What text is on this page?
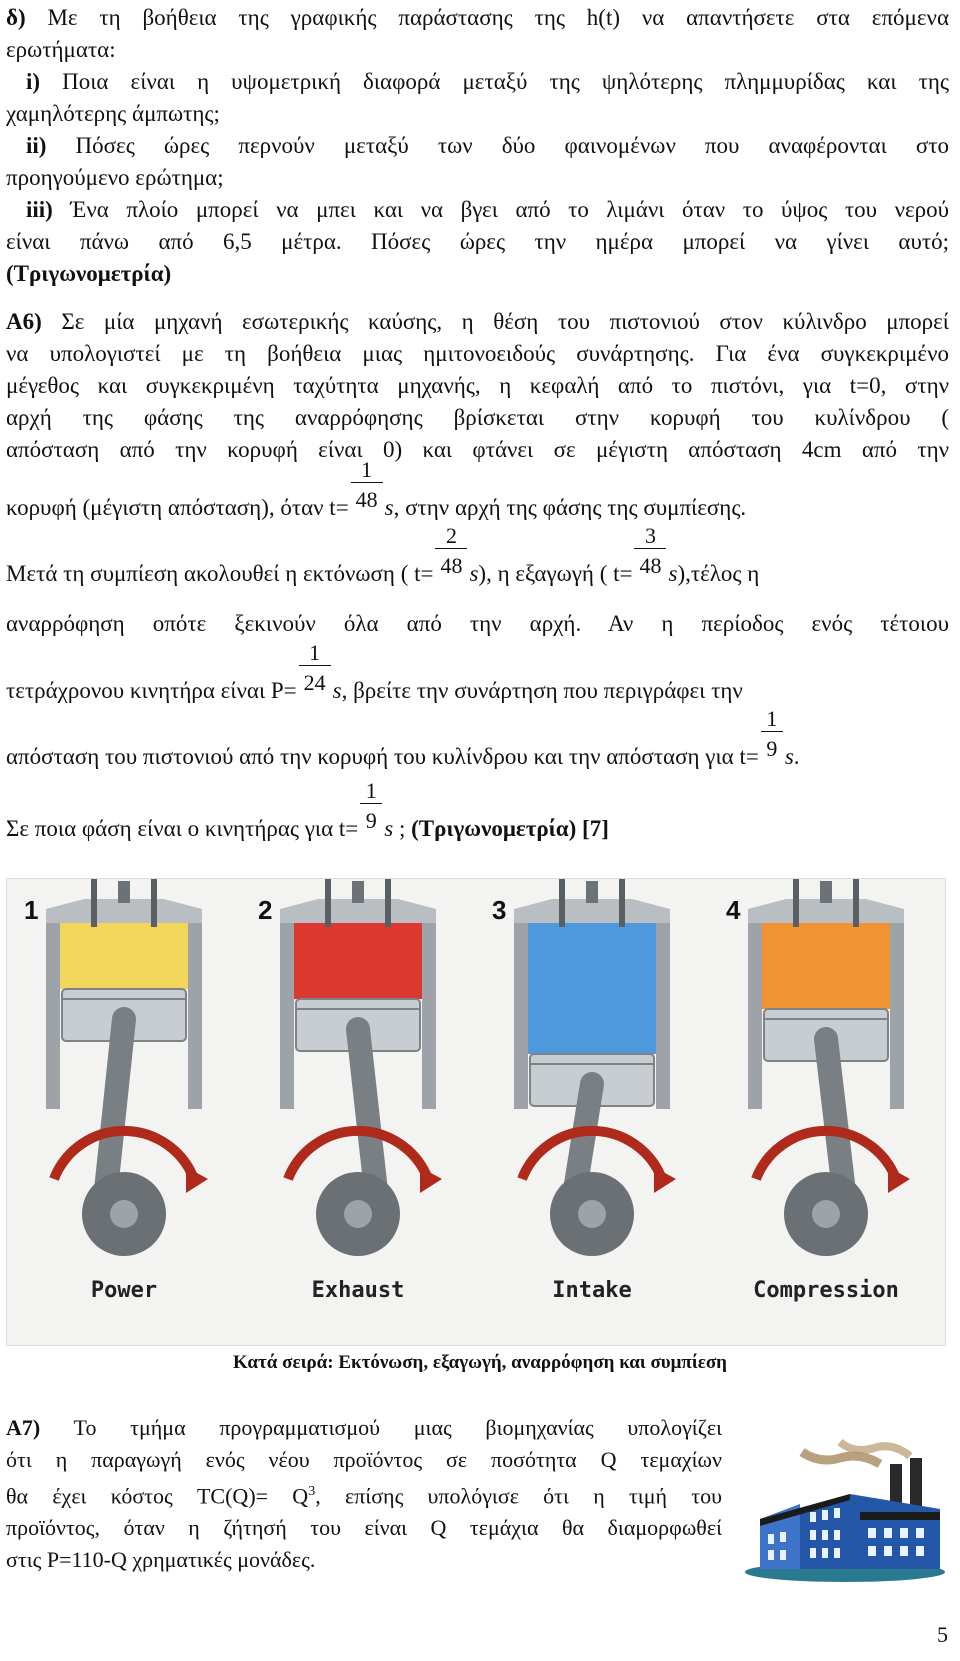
δ) Με τη βοήθεια της γραφικής παράστασης της h(t) να απαντήσετε στα επόμενα
ερωτήματα:
i) Ποια είναι η υψομετρική διαφορά μεταξύ της ψηλότερης πλημμυρίδας και της
χαμηλότερης άμπωτης;
ii) Πόσες ώρες περνούν μεταξύ των δύο φαινομένων που αναφέρονται στο
προηγούμενο ερώτημα;
iii) Ένα πλοίο μπορεί να μπει και να βγει από το λιμάνι όταν το ύψος του νερού
είναι πάνω από 6,5 μέτρα. Πόσες ώρες την ημέρα μπορεί να γίνει αυτό;
(Τριγωνομετρία)
Α6) Σε μία μηχανή εσωτερικής καύσης, η θέση του πιστονιού στον κύλινδρο μπορεί
να υπολογιστεί με τη βοήθεια μιας ημιτονοειδούς συνάρτησης. Για ένα συγκεκριμένο
μέγεθος και συγκεκριμένη ταχύτητα μηχανής, η κεφαλή από το πιστόνι, για t=0, στην
αρχή της φάσης της αναρρόφησης βρίσκεται στην κορυφή του κυλίνδρου (
απόσταση από την κορυφή είναι 0) και φτάνει σε μέγιστη απόσταση 4cm από την
κορυφή (μέγιστη απόσταση), όταν $t= \frac{1}{48} s$, στην αρχή της φάσης της συμπίεσης.
Μετά τη συμπίεση ακολουθεί η εκτόνωση ( $t= \frac{2}{48} s$), η εξαγωγή ( $t= \frac{3}{48} s),\tau έ\lambda o\varsigma$ η
αναρρόφηση οπότε ξεκινούν όλα από την αρχή. Αν η περίοδος ενός τέτοιου
τετράχρονου κινητήρα είναι $P= \frac{1}{24} s$, βρείτε την συνάρτηση που περιγράφει την
απόσταση του πιστονιού από την κορυφή του κυλίνδρου και την απόσταση για $t= \frac{1}{9} s$.
Σε ποια φάση είναι ο κινητήρας για $t= \frac{1}{9}$ s ; (Τριγωνομετρία) [7]
1
Power
2
Exhaust
3
Intake
4
Compression
Κατά σειρά: Εκτόνωση, εξαγωγή, αναρρόφηση και συμπίεση
Α7) Το τμήμα προγραμματισμού μιας βιομηχανίας υπολογίζει
ότι η παραγωγή ενός νέου προϊόντος σε ποσότητα Q τεμαχίων
θα έχει κόστος $TC(Q)= Q^3$, επίσης υπολόγισε ότι η τιμή του
προϊόντος, όταν η ζήτησή του είναι Q τεμάχια θα διαμορφωθεί
στις P=110-Q χρηματικές μονάδες.
5
